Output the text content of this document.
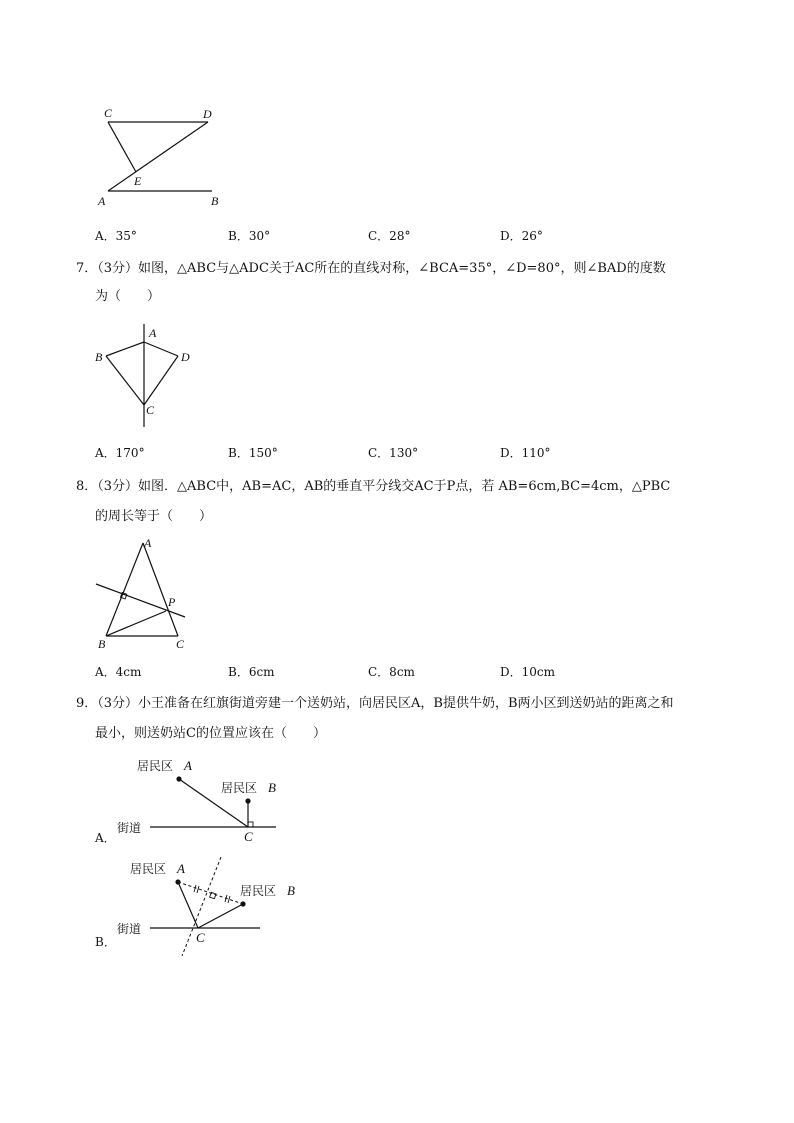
C	D
E
A	B
A．35°	B．30°	C．28°	D．26°
7．（3分）如图，△ABC与△ADC关于AC所在的直线对称，∠BCA=35°，∠D=80°，则∠BAD的度数
为（　　）
A
B	D
C
A．170°	B．150°	C．130°	D．110°
8．（3分）如图．△ABC中，AB=AC，AB的垂直平分线交AC于P点，若 AB=6cm,BC=4cm，△PBC
的周长等于（　　）
A
P
B	C
A．4cm	B．6cm	C．8cm	D．10cm
9．（3分）小王准备在红旗街道旁建一个送奶站，向居民区A，B提供牛奶，B两小区到送奶站的距离之和
最小，则送奶站C的位置应该在（　　）
A．
居民区 A
居民区 B
街道
C
B．
居民区 A
居民区 B
街道
C
